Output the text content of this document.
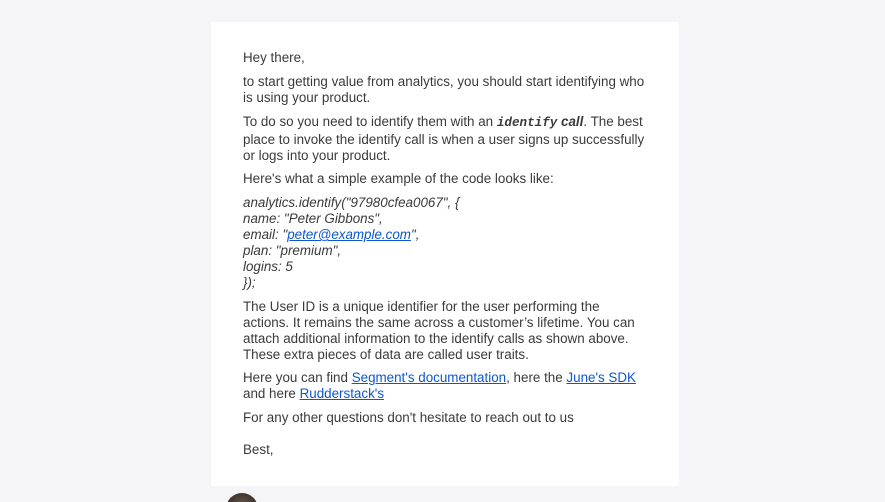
Hey there,

to start getting value from analytics, you should start identifying who is using your product.

To do so you need to identify them with an identify call. The best place to invoke the identify call is when a user signs up successfully or logs into your product.

Here's what a simple example of the code looks like:

analytics.identify("97980cfea0067", {
name: "Peter Gibbons",
email: "peter@example.com",
plan: "premium",
logins: 5
});

The User ID is a unique identifier for the user performing the actions. It remains the same across a customer’s lifetime. You can attach additional information to the identify calls as shown above. These extra pieces of data are called user traits.

Here you can find Segment's documentation, here the June's SDK and here Rudderstack's

For any other questions don't hesitate to reach out to us

Best,
